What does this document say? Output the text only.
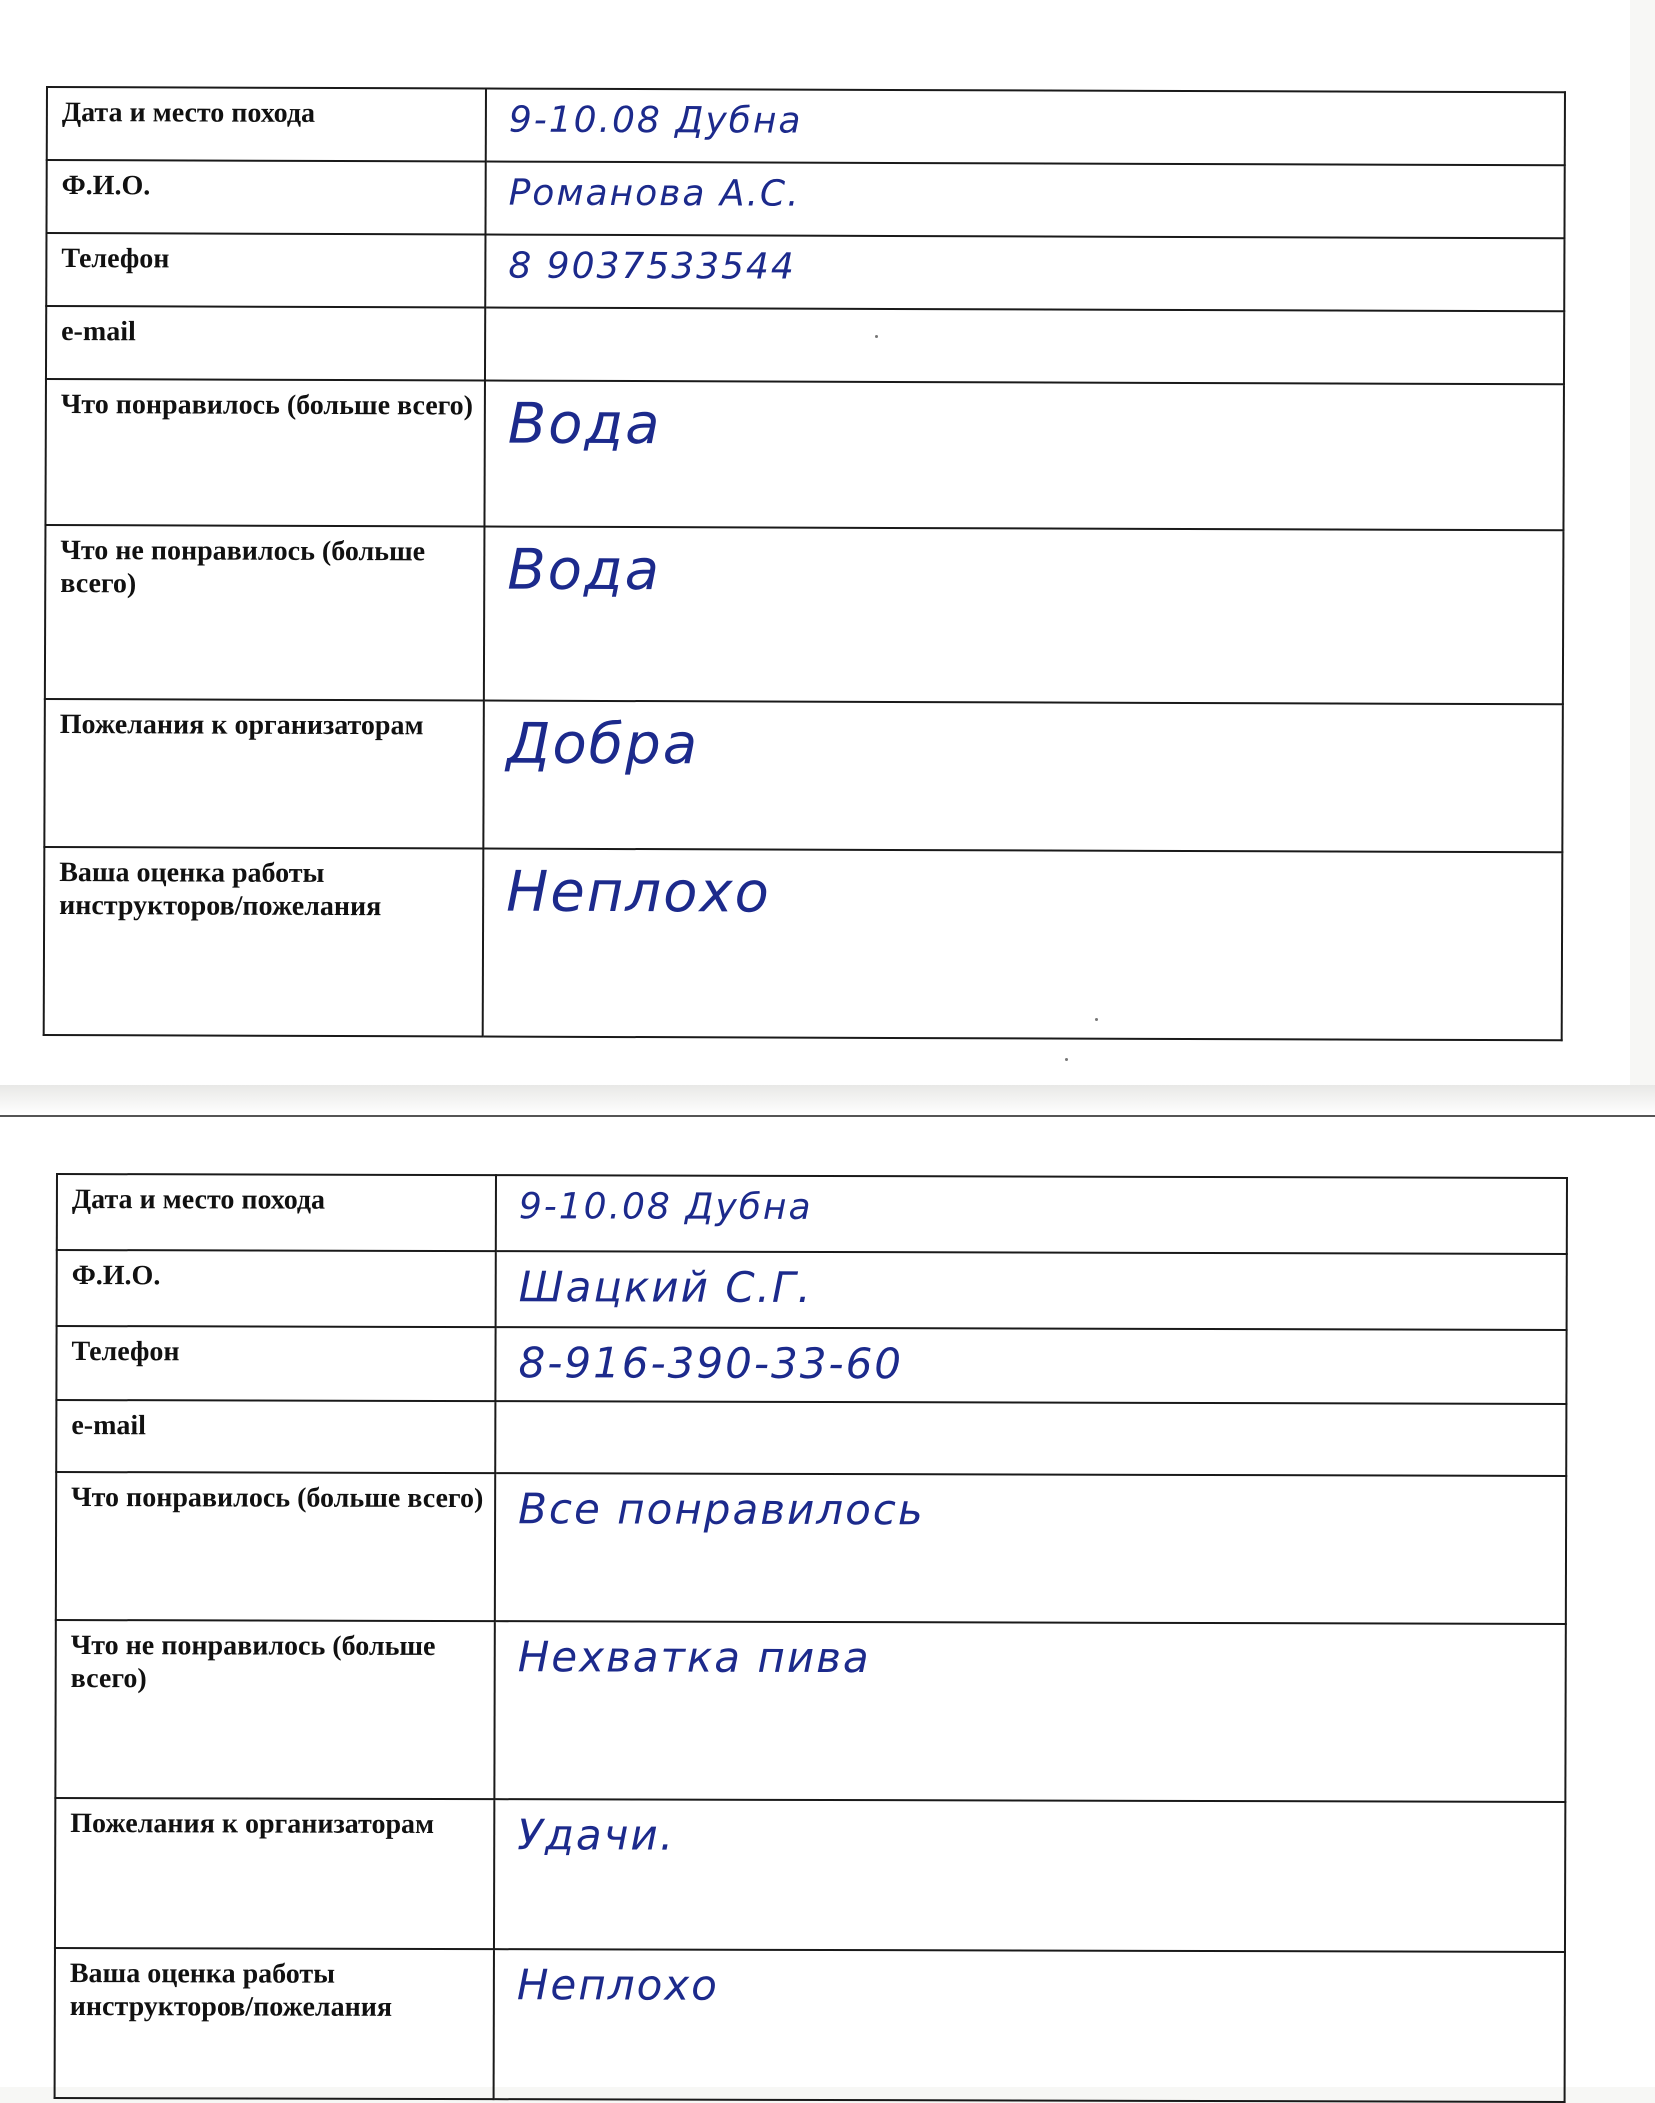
Дата и место похода	9-10.08 Дубна
Ф.И.О.	Романова А.С.
Телефон	8 9037533544
e-mail	
Что понравилось (больше всего)	Вода
Что не понравилось (больше всего)	Вода
Пожелания к организаторам	Добра
Ваша оценка работы инструкторов/пожелания	Неплохо
Дата и место похода	9-10.08 Дубна
Ф.И.О.	Шацкий С.Г.
Телефон	8-916-390-33-60
e-mail	
Что понравилось (больше всего)	Все понравилось
Что не понравилось (больше всего)	Нехватка пива
Пожелания к организаторам	Удачи.
Ваша оценка работы инструкторов/пожелания	Неплохо
